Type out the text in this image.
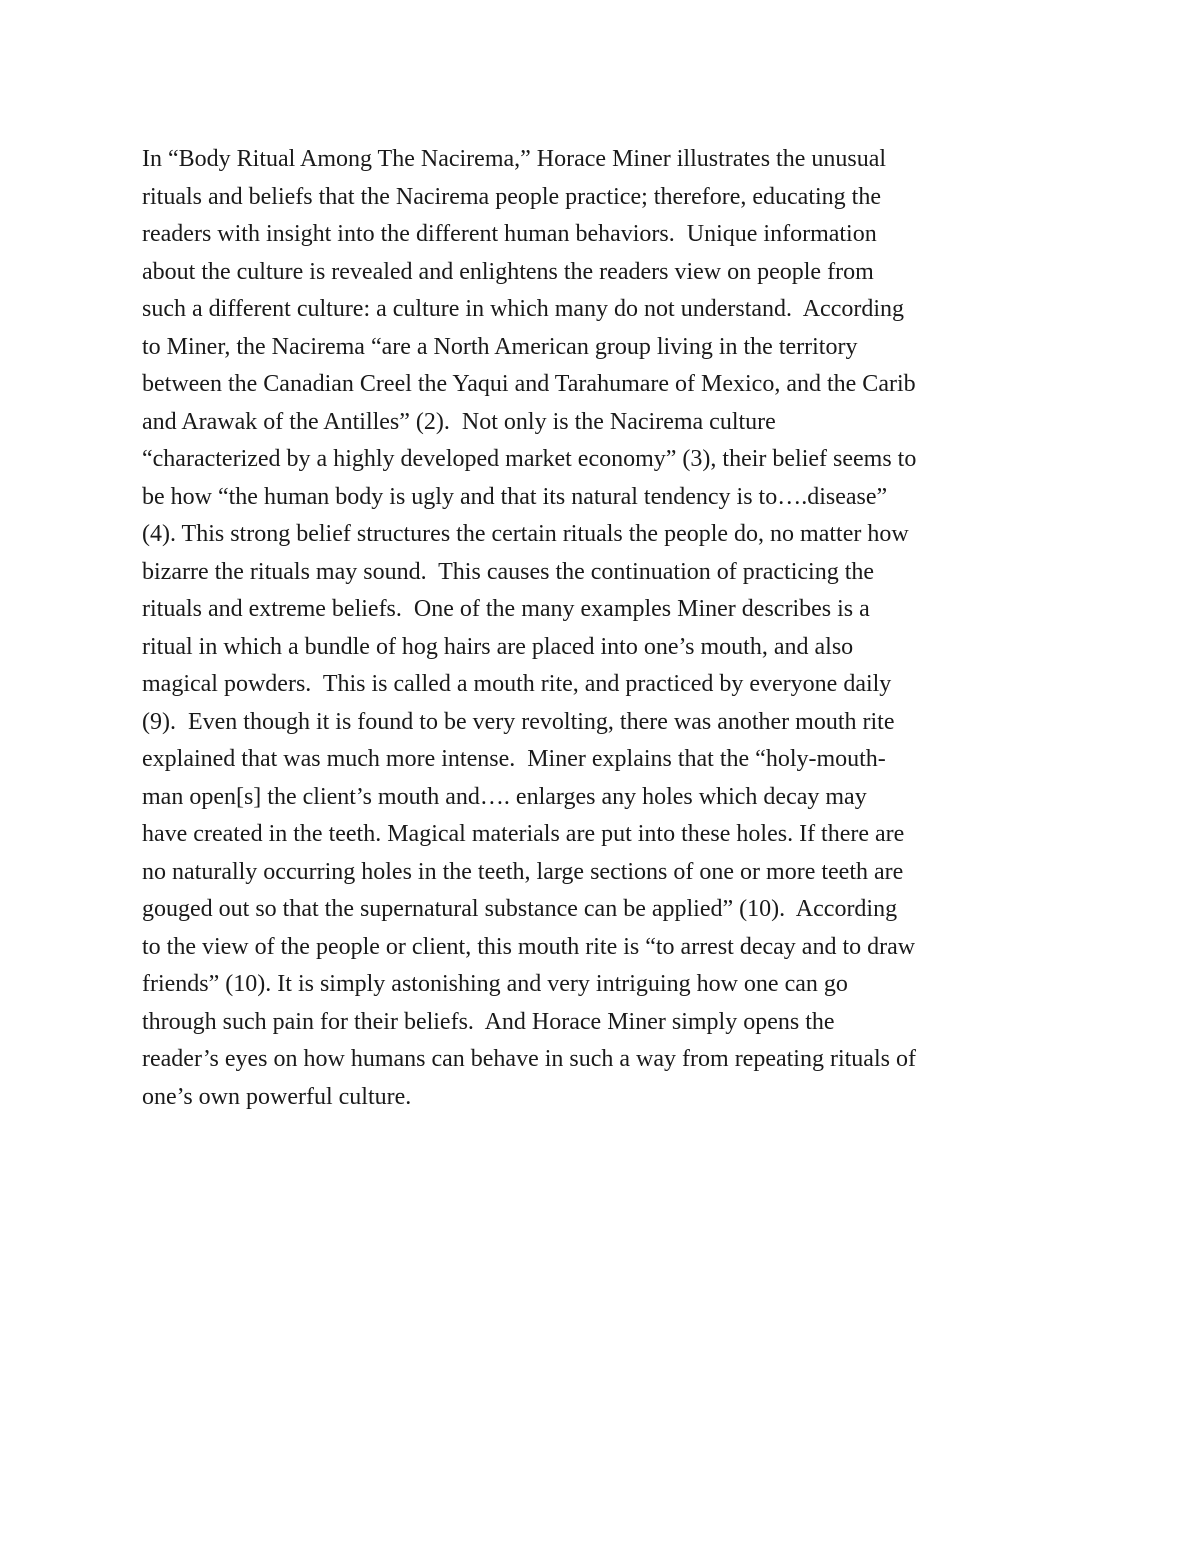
In “Body Ritual Among The Nacirema,” Horace Miner illustrates the unusual
rituals and beliefs that the Nacirema people practice; therefore, educating the
readers with insight into the different human behaviors.  Unique information
about the culture is revealed and enlightens the readers view on people from
such a different culture: a culture in which many do not understand.  According
to Miner, the Nacirema “are a North American group living in the territory
between the Canadian Creel the Yaqui and Tarahumare of Mexico, and the Carib
and Arawak of the Antilles” (2).  Not only is the Nacirema culture
“characterized by a highly developed market economy” (3), their belief seems to
be how “the human body is ugly and that its natural tendency is to….disease”
(4). This strong belief structures the certain rituals the people do, no matter how
bizarre the rituals may sound.  This causes the continuation of practicing the
rituals and extreme beliefs.  One of the many examples Miner describes is a
ritual in which a bundle of hog hairs are placed into one’s mouth, and also
magical powders.  This is called a mouth rite, and practiced by everyone daily
(9).  Even though it is found to be very revolting, there was another mouth rite
explained that was much more intense.  Miner explains that the “holy-mouth-
man open[s] the client’s mouth and…. enlarges any holes which decay may
have created in the teeth. Magical materials are put into these holes. If there are
no naturally occurring holes in the teeth, large sections of one or more teeth are
gouged out so that the supernatural substance can be applied” (10).  According
to the view of the people or client, this mouth rite is “to arrest decay and to draw
friends” (10). It is simply astonishing and very intriguing how one can go
through such pain for their beliefs.  And Horace Miner simply opens the
reader’s eyes on how humans can behave in such a way from repeating rituals of
one’s own powerful culture.
